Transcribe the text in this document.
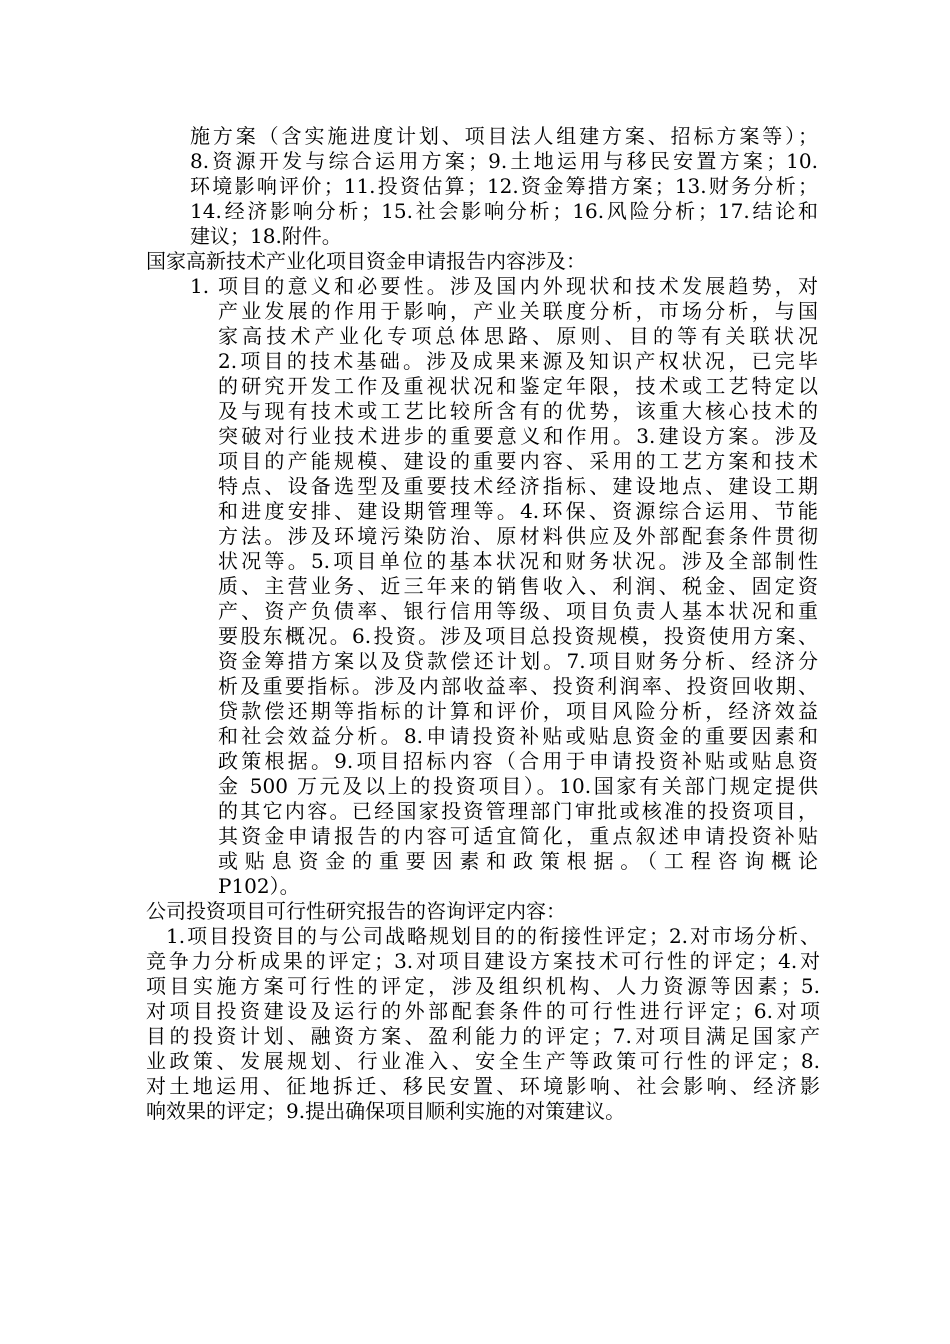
施方案（含实施进度计划、项目法人组建方案、招标方案等）；
8.资源开发与综合运用方案；9.土地运用与移民安置方案；10.
环境影响评价；11.投资估算；12.资金筹措方案；13.财务分析；
14.经济影响分析；15.社会影响分析；16.风险分析；17.结论和
建议；18.附件。
国家高新技术产业化项目资金申请报告内容涉及：
1. 项目的意义和必要性。涉及国内外现状和技术发展趋势，对
产业发展的作用于影响，产业关联度分析，市场分析，与国
家高技术产业化专项总体思路、原则、目的等有关联状况
2.项目的技术基础。涉及成果来源及知识产权状况，已完毕
的研究开发工作及重视状况和鉴定年限，技术或工艺特定以
及与现有技术或工艺比较所含有的优势，该重大核心技术的
突破对行业技术进步的重要意义和作用。3.建设方案。涉及
项目的产能规模、建设的重要内容、采用的工艺方案和技术
特点、设备选型及重要技术经济指标、建设地点、建设工期
和进度安排、建设期管理等。4.环保、资源综合运用、节能
方法。涉及环境污染防治、原材料供应及外部配套条件贯彻
状况等。5.项目单位的基本状况和财务状况。涉及全部制性
质、主营业务、近三年来的销售收入、利润、税金、固定资
产、资产负债率、银行信用等级、项目负责人基本状况和重
要股东概况。6.投资。涉及项目总投资规模，投资使用方案、
资金筹措方案以及贷款偿还计划。7.项目财务分析、经济分
析及重要指标。涉及内部收益率、投资利润率、投资回收期、
贷款偿还期等指标的计算和评价，项目风险分析，经济效益
和社会效益分析。8.申请投资补贴或贴息资金的重要因素和
政策根据。9.项目招标内容（合用于申请投资补贴或贴息资
金 500 万元及以上的投资项目）。10.国家有关部门规定提供
的其它内容。已经国家投资管理部门审批或核准的投资项目，
其资金申请报告的内容可适宜简化，重点叙述申请投资补贴
或贴息资金的重要因素和政策根据。（工程咨询概论
P102）。
公司投资项目可行性研究报告的咨询评定内容：
1.项目投资目的与公司战略规划目的的衔接性评定；2.对市场分析、
竞争力分析成果的评定；3.对项目建设方案技术可行性的评定；4.对
项目实施方案可行性的评定，涉及组织机构、人力资源等因素；5.
对项目投资建设及运行的外部配套条件的可行性进行评定；6.对项
目的投资计划、融资方案、盈利能力的评定；7.对项目满足国家产
业政策、发展规划、行业准入、安全生产等政策可行性的评定；8.
对土地运用、征地拆迁、移民安置、环境影响、社会影响、经济影
响效果的评定；9.提出确保项目顺利实施的对策建议。
